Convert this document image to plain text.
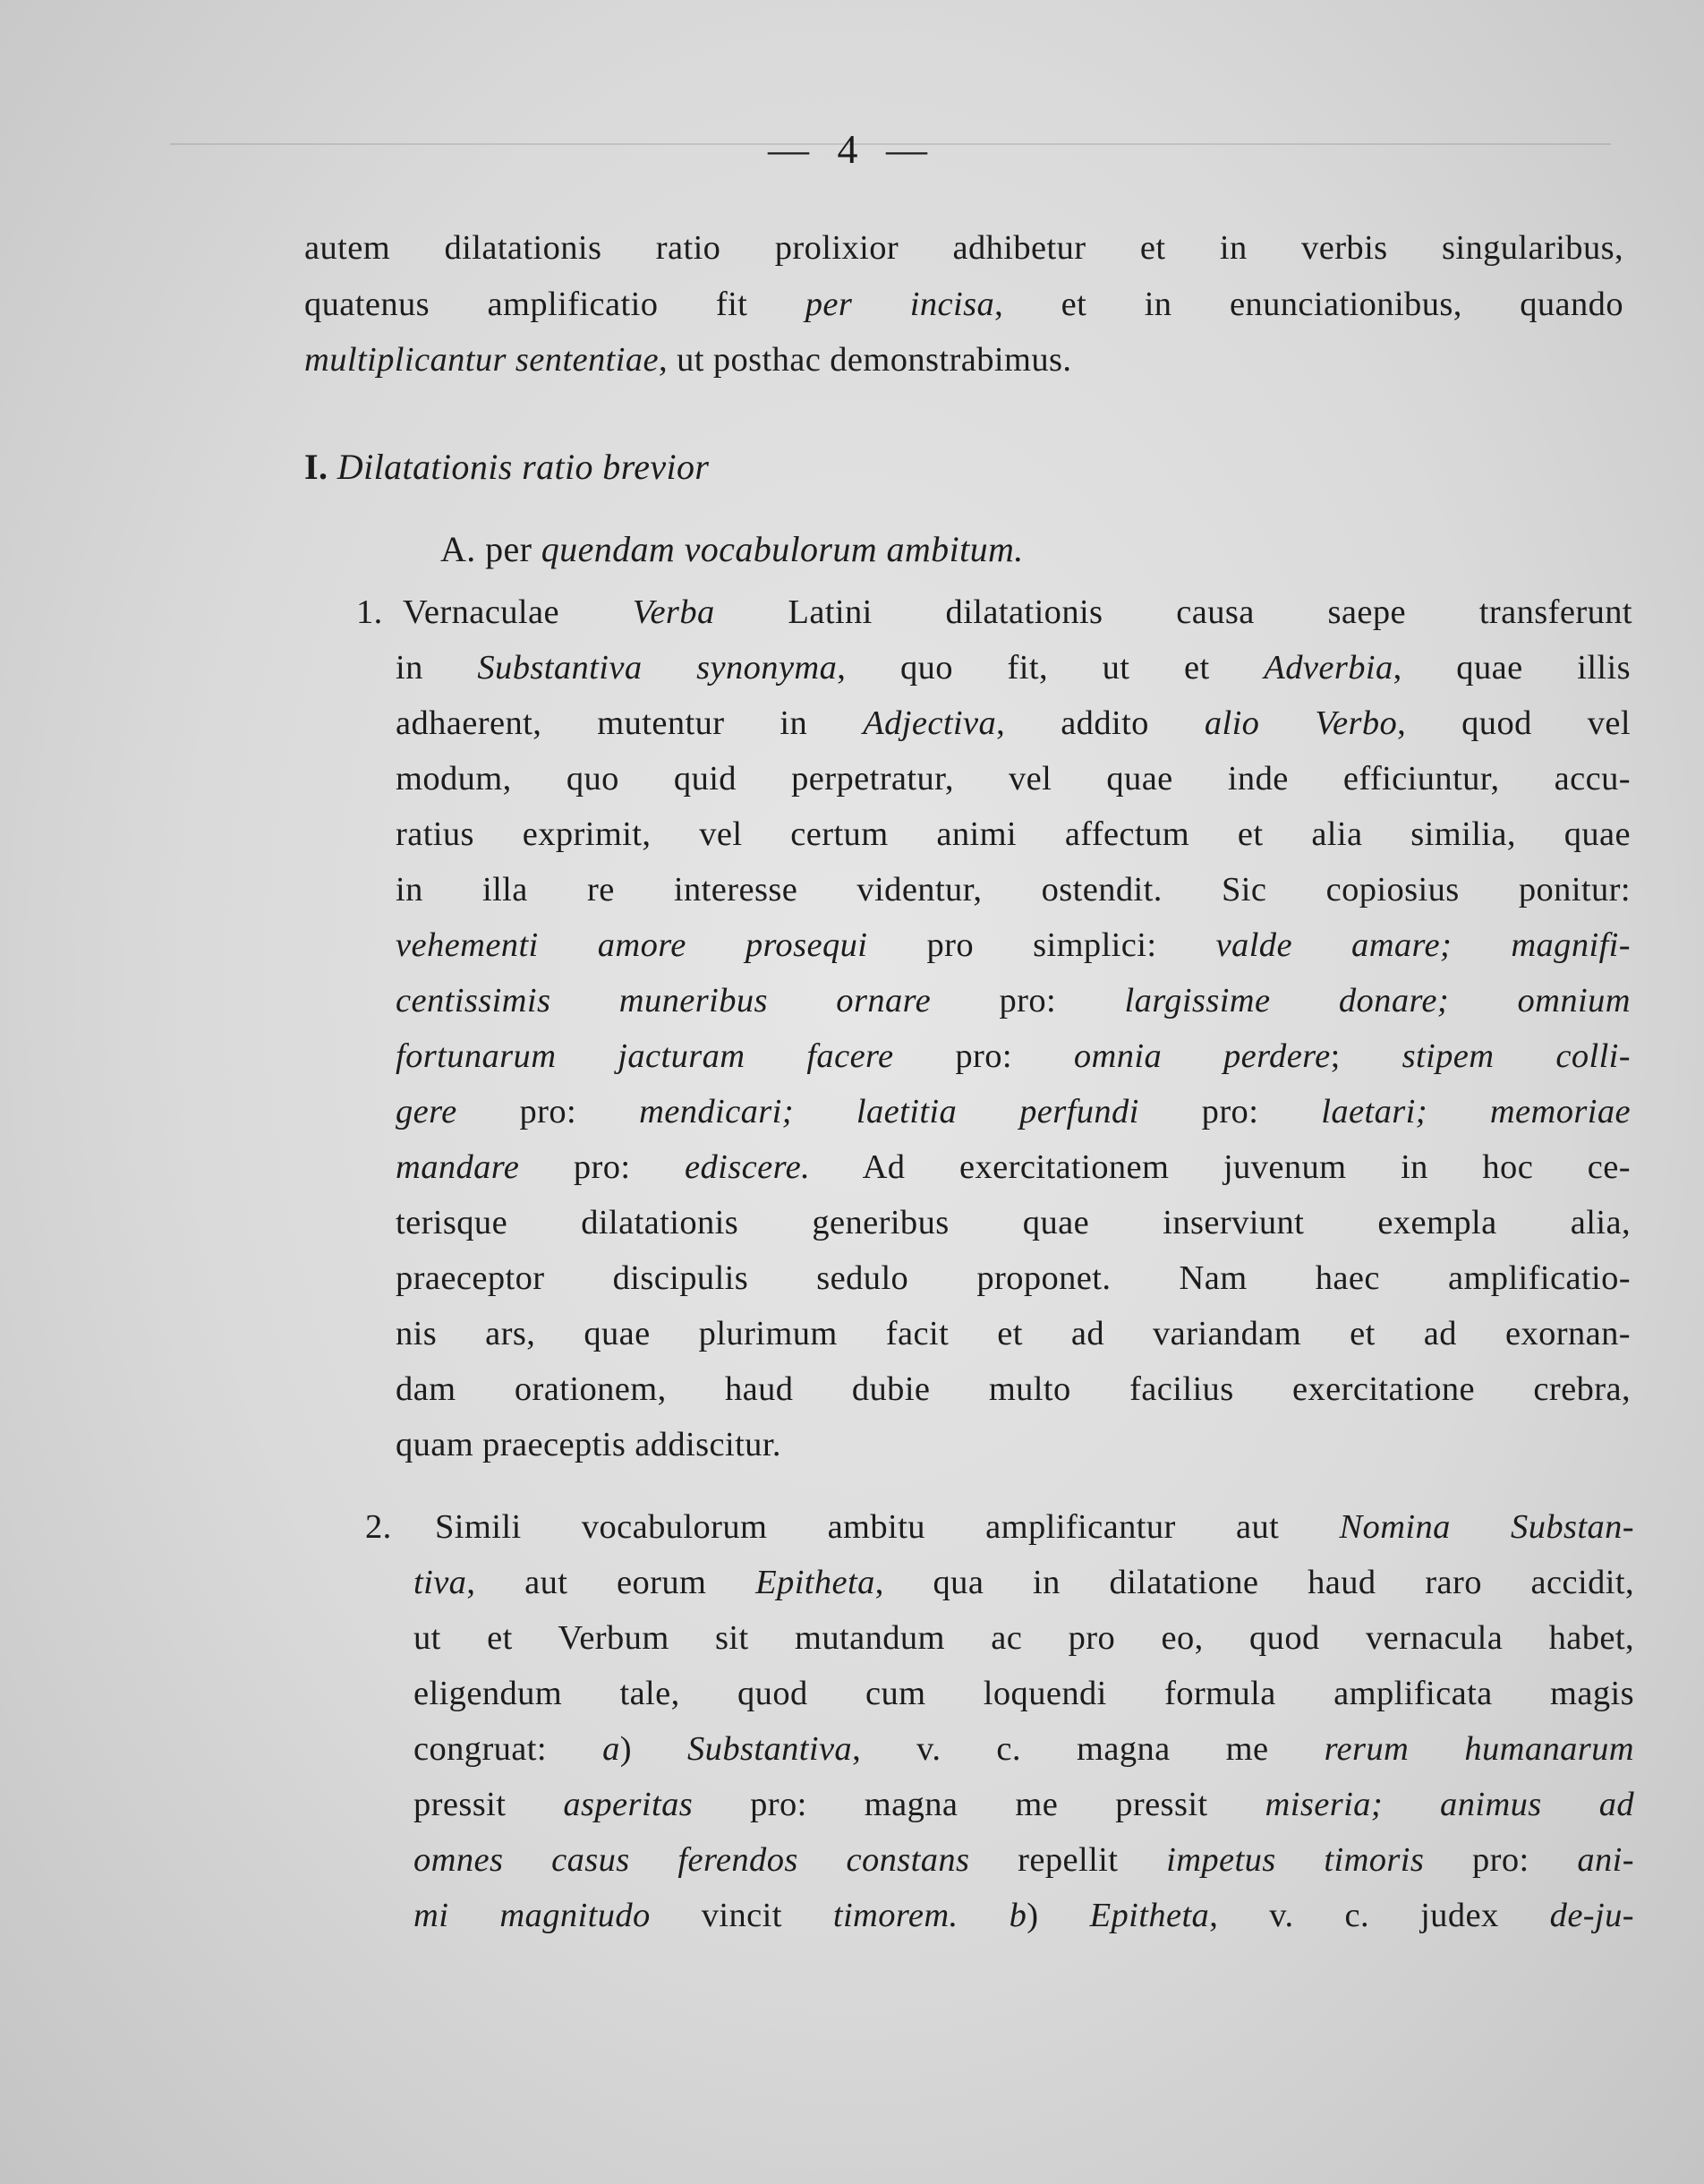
— 4 —
autem dilatationis ratio prolixior adhibetur et in verbis singularibus,
quatenus amplificatio fit per incisa, et in enunciationibus, quando
multiplicantur sententiae, ut posthac demonstrabimus.
I. Dilatationis ratio brevior
A. per quendam vocabulorum ambitum.
1. Vernaculae Verba Latini dilatationis causa saepe transferunt
in Substantiva synonyma, quo fit, ut et Adverbia, quae illis
adhaerent, mutentur in Adjectiva, addito alio Verbo, quod vel
modum, quo quid perpetratur, vel quae inde efficiuntur, accu-
ratius exprimit, vel certum animi affectum et alia similia, quae
in illa re interesse videntur, ostendit. Sic copiosius ponitur:
vehementi amore prosequi pro simplici: valde amare; magnifi-
centissimis muneribus ornare pro: largissime donare; omnium
fortunarum jacturam facere pro: omnia perdere; stipem colli-
gere pro: mendicari; laetitia perfundi pro: laetari; memoriae
mandare pro: ediscere. Ad exercitationem juvenum in hoc ce-
terisque dilatationis generibus quae inserviunt exempla alia,
praeceptor discipulis sedulo proponet. Nam haec amplificatio-
nis ars, quae plurimum facit et ad variandam et ad exornan-
dam orationem, haud dubie multo facilius exercitatione crebra,
quam praeceptis addiscitur.
2. Simili vocabulorum ambitu amplificantur aut Nomina Substan-
tiva, aut eorum Epitheta, qua in dilatatione haud raro accidit,
ut et Verbum sit mutandum ac pro eo, quod vernacula habet,
eligendum tale, quod cum loquendi formula amplificata magis
congruat: a) Substantiva, v. c. magna me rerum humanarum
pressit asperitas pro: magna me pressit miseria; animus ad
omnes casus ferendos constans repellit impetus timoris pro: ani-
mi magnitudo vincit timorem. b) Epitheta, v. c. judex de-ju-
